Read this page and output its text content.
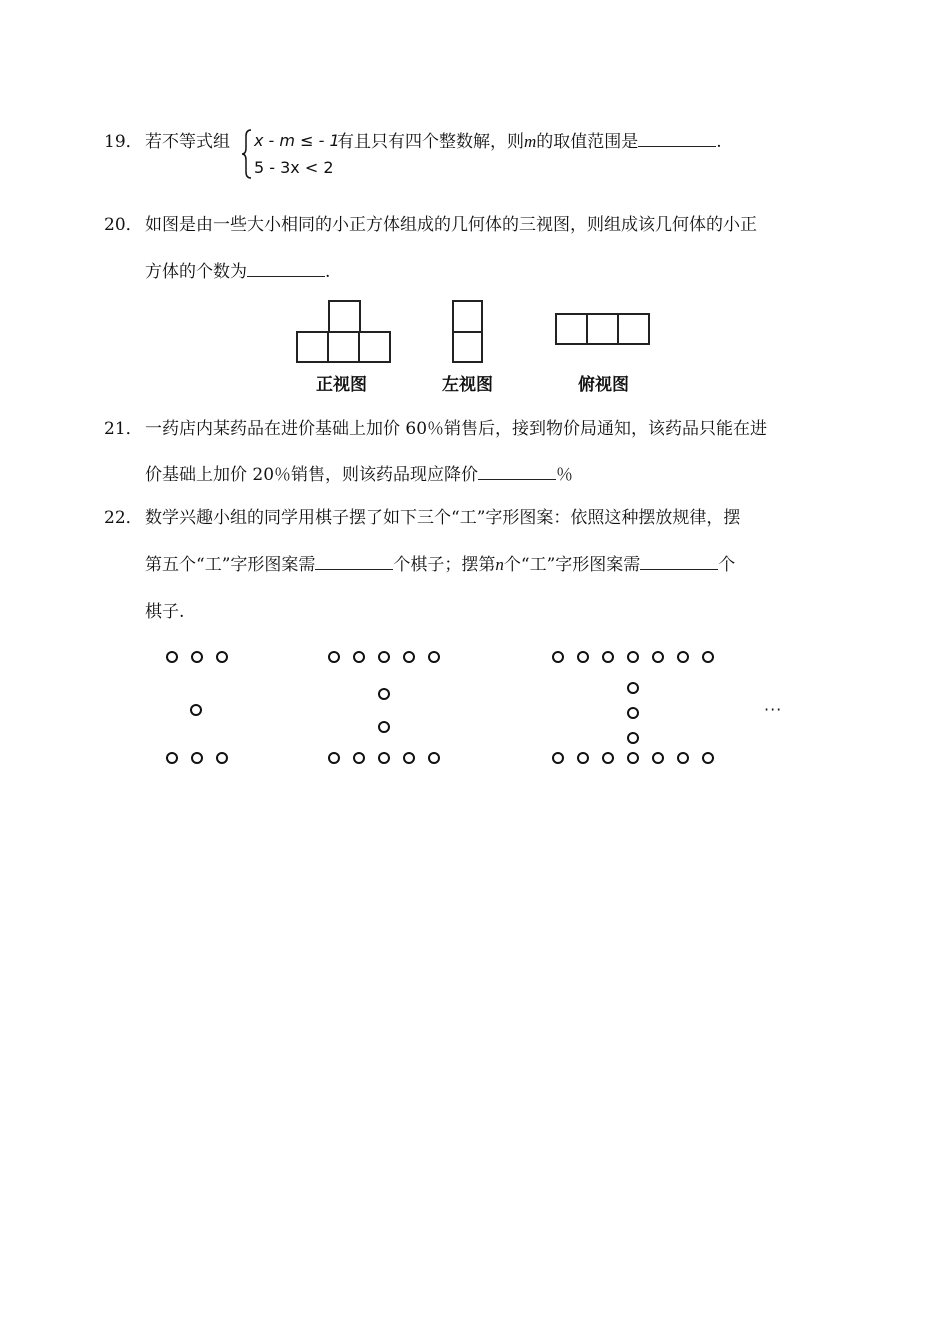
19． 若不等式组 x - m ≤ - 1
5 - 3x < 2
有且只有四个整数解，则m的取值范围是	.
20． 如图是由一些大小相同的小正方体组成的几何体的三视图，则组成该几何体的小正
方体的个数为	.
正视图	左视图	俯视图
21． 一药店内某药品在进价基础上加价 60％销售后，接到物价局通知，该药品只能在进
价基础上加价 20％销售，则该药品现应降价	％
22． 数学兴趣小组的同学用棋子摆了如下三个“工”字形图案：依照这种摆放规律，摆
第五个“工”字形图案需	个棋子；摆第n个“工”字形图案需	个
棋子.
···
